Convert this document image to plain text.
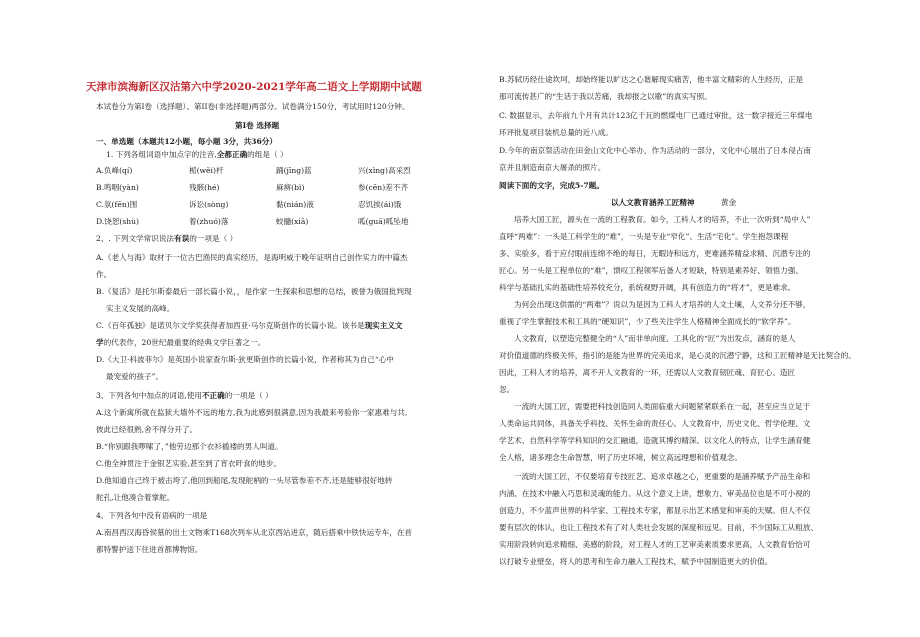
天津市滨海新区汉沽第六中学2020-2021学年高二语文上学期期中试题
本试卷分为第I卷（选择题）、第II卷(非选择题)两部分。试卷满分150分，考试用时120分钟。
第I卷 选择题
一、单选题（本题共12小题，每小题 3分，共36分）
1. 下列各组词语中加点字的注音,全都正确的组是（ ）
A.负峰(qí)	栀(wěi)杆	踊(jīng)蓝	兴(xìng)高采烈
B.鸣咽(yàn)	残骸(hé)	麻痹(bì)	参(cēn)差不齐
C.氛(fēn)围	诉讼(sòng)	黏(nián)液	忍饥挨(ái)饿
D.饶恕(shù)	着(zhuó)落	蛟髓(xiā)	呱(guā)呱坠地
2、. 下列文学常识说法有误的一项是（ ）
A.《老人与海》取材于一位古巴渔民的真实经历，是海明威于晚年证明自己创作实力的中篇杰
作。
B.《复活》是托尔斯泰最后一部长篇小说，，是作家一生探索和思想的总结，被誉为俄国批判现
实主义发展的高峰。
C.《百年孤独》是诺贝尔文学奖获得者加西亚·马尔克斯创作的长篇小说。该书是现实主义文
学的代表作，20世纪最重要的经典文学巨著之一。
D.《大卫·科波菲尔》是英国小说家查尔斯·狄更斯创作的长篇小说，作者称其为自己“心中
最宠爱的孩子”。
3、下列各句中加点的词语,使用不正确的一项是（ ）
A.这个新寓所就在监狱大墙外不远的地方,我为此感到很满意,因为我最来考验你一家惠难与共,
彼此已经很熟,舍不得分开了。
B.“你别跟我啰嗦了，”他劳边那个衣衫褴褛的男人叫道。
C.他全神贯注于金银艺实验,甚至到了宵衣旰食的地步。
D.他知道自己终于被击垮了,他回到船尾,发现舵柄的一头尽管参差不齐,还是能够很好地转
舵孔,让他凑合着掌舵。
4、下列各句中没有语病的一项是
A.南昌西汉海昏侯墓的出土文物乘T168次列车从北京西站进京，随后搭乘中铁快运专车，在首
都特警护送下住进首都博物馆。
B.苏轼历经仕途坎坷，却始终能以旷达之心谐解现实痛苦，他丰富文精彩的人生经历，正是
那可流传甚广的“生话于我以苦痛，我却报之以歌”的真实写照。
C. 数据显示，去年前九个月有共计123亿千瓦的燃煤电厂已通过审批，这一数字接近三年煤电
环评批复项目装机总量的近八成。
D.今年的南京祭活动在田金山文化中心举办，作为活动的一部分，文化中心展出了日本侵占南
京并且制造南京大屠杀的照片。
阅读下面的文字，完成5-7题。
以人文教育涵养工匠精神	黄金
培养大国工匠，源头在一流的工程教育。如今，工科人才的培养，不止一次听到“局中人”
直呼“两难”：一头是工科学生的“难”，一头是专业“窄化”、生活“宅化”。学生抱怨课程
多、实验多，看于应付眼前连绵不绝的每日，无暇诗和远方，更难涵养精益求精、沉潜专注的
匠心。另一头是工程单位的“难”，馈叹工程领军后备人才短缺，特别是素养好、领悟力强、
科学与基础扎实的基础性培养较充分，系统视野开阔，具有创造力的“将才”，更是难求。
为何会出现这供需的“两难”？说以为是因为工科人才培养的人文土壤，人文养分还不够，
重视了学生掌握技术和工具的“硬知识”，少了些关注学生人格精神全面成长的“软学养”。
人文教育，以塑造完整健全的“人”而非单向度、工具化的“匠”为出发点，涵育的是人
对价值道德的终极关怀，指引的是能为世界的完美追求，是心灵的沉潜宁静，这和工匠精神是无比契合的。
因此，工科人才的培养，离不开人文教育的一环，还需以人文教育韧匠魂、育匠心、造匠
忽。
一流的大国工匠，需要把科技创造同人类面临重大问题紧紧联系在一起，甚至应当立足于
人类命运共同体，具备关乎科技、关怀生命的责任心。人文教育中，历史文化、哲学伦理、文
学艺术、自然科学等学科知识的交汇融通，造就其博约精深、以文化人的特点，让学生涵育健
全人格，诸多理念生命智慧，明了历史坏境，树立高远理想和价值观念。
一流的大国工匠，不仅要培育专技匠艺、追求卓越之心，更重要的是涵养赋予产品生命和
内涵、在技术中融入巧思和灵魂的能力。从这个意义上讲，想象力、审美品位也是不可小视的
创造力，不少蓝声世界的科学家、工程技术专家，都显示出艺术感觉和审美的天赋。但人不仅
要有层次的体认，也让工程技术有了对人类社会发展的深度和远见。目前，不少国际工从粗放、
实用阶段转向追求精细、美感的阶段，对工程人才的工艺审美素质要求更高，人文教育恰恰可
以打破专业壁垒，将人的思考和生命力融入工程技术，赋予中国制造更大的价值。
